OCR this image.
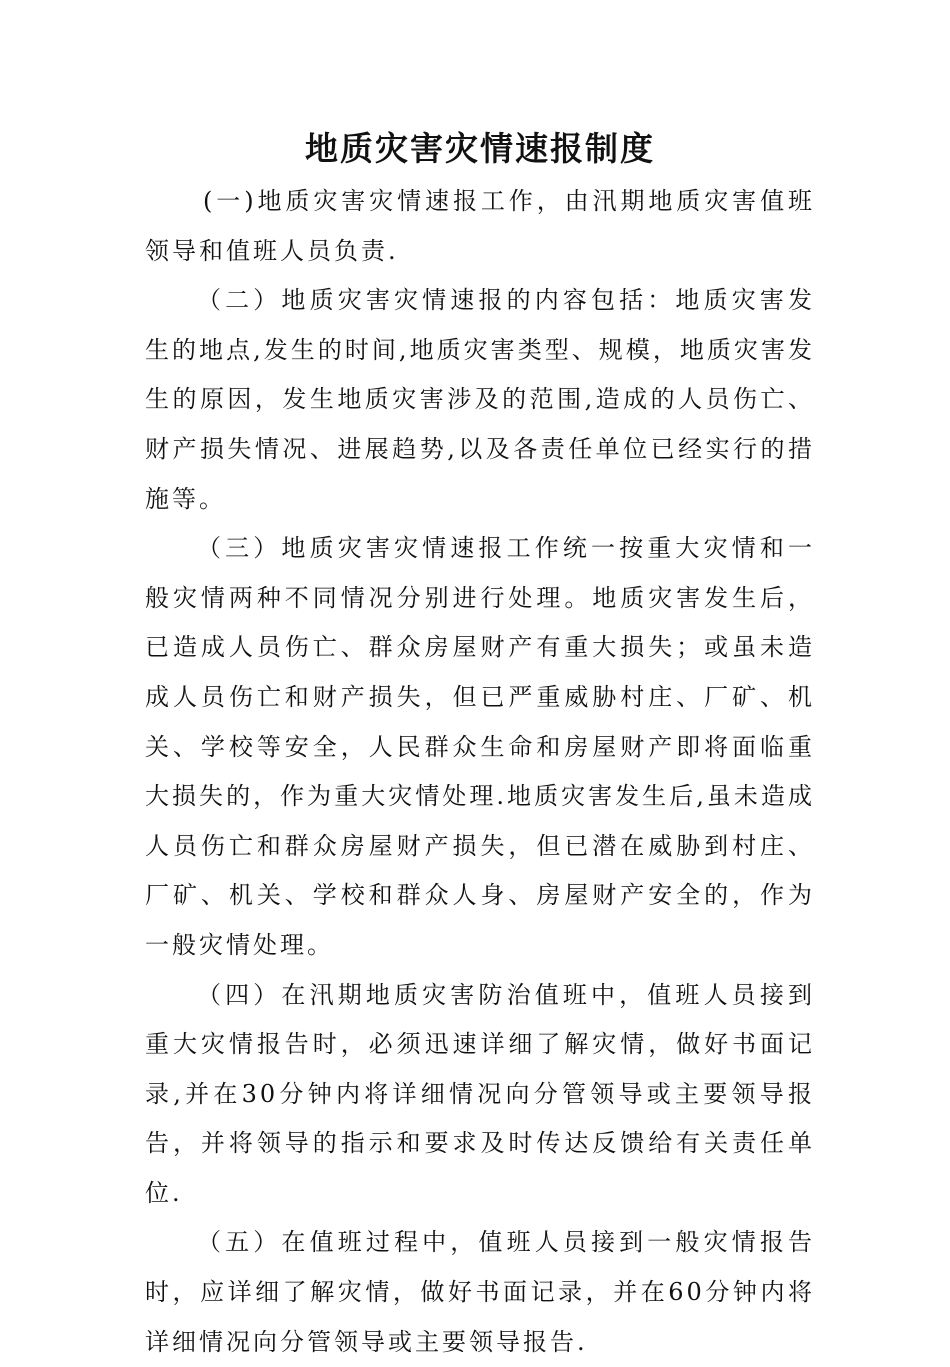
地质灾害灾情速报制度

(一)地质灾害灾情速报工作，由汛期地质灾害值班领导和值班人员负责.

（二）地质灾害灾情速报的内容包括：地质灾害发生的地点,发生的时间,地质灾害类型、规模，地质灾害发生的原因，发生地质灾害涉及的范围,造成的人员伤亡、财产损失情况、进展趋势,以及各责任单位已经实行的措施等。

（三）地质灾害灾情速报工作统一按重大灾情和一般灾情两种不同情况分别进行处理。地质灾害发生后，已造成人员伤亡、群众房屋财产有重大损失；或虽未造成人员伤亡和财产损失，但已严重威胁村庄、厂矿、机关、学校等安全，人民群众生命和房屋财产即将面临重大损失的，作为重大灾情处理.地质灾害发生后,虽未造成人员伤亡和群众房屋财产损失，但已潜在威胁到村庄、厂矿、机关、学校和群众人身、房屋财产安全的，作为一般灾情处理。

（四）在汛期地质灾害防治值班中，值班人员接到重大灾情报告时，必须迅速详细了解灾情，做好书面记录,并在30分钟内将详细情况向分管领导或主要领导报告，并将领导的指示和要求及时传达反馈给有关责任单位.

（五）在值班过程中，值班人员接到一般灾情报告时，应详细了解灾情，做好书面记录，并在60分钟内将详细情况向分管领导或主要领导报告.
